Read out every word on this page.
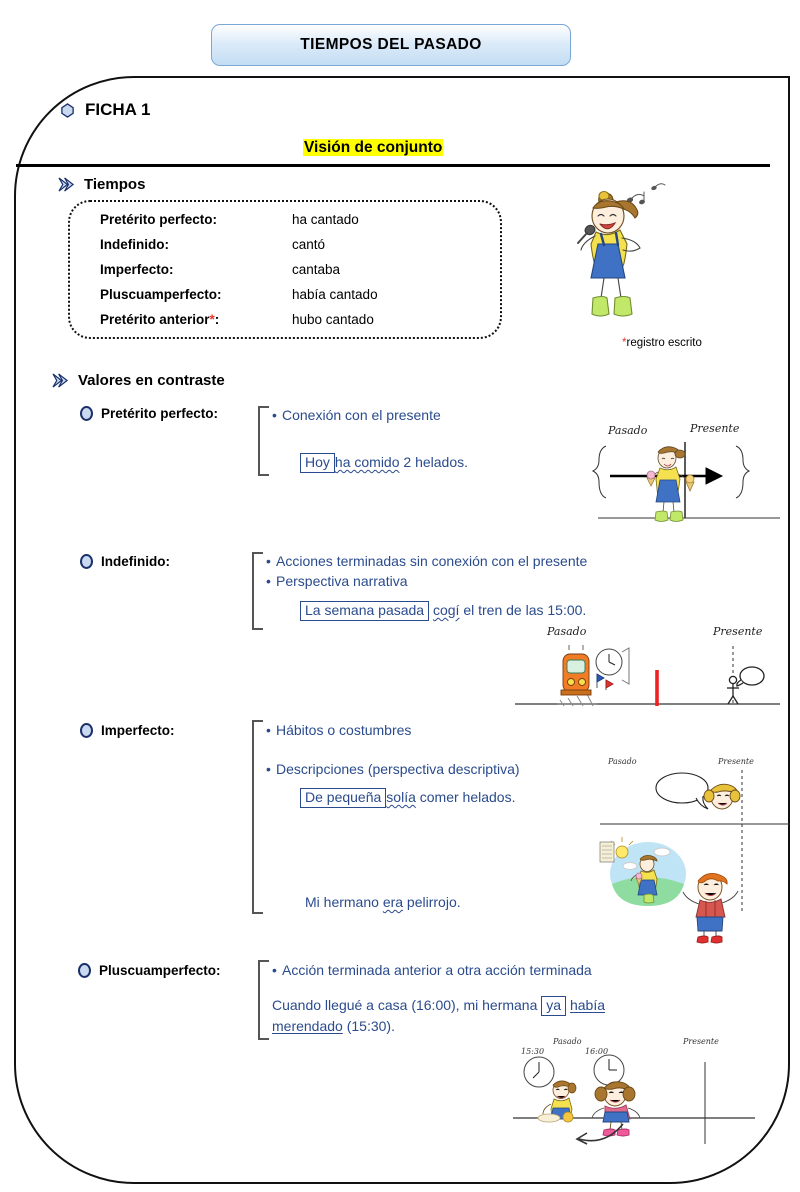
TIEMPOS DEL PASADO
FICHA 1
Visión de conjunto
Tiempos
Pretérito perfecto:	ha cantado
Indefinido:	cantó
Imperfecto:	cantaba
Pluscuamperfecto:	había cantado
Pretérito anterior*:	hubo cantado
*registro escrito
Valores en contraste
Pretérito perfecto:	• Conexión con el presente
Hoy ha comido 2 helados.
Pasado	Presente
Indefinido:	• Acciones terminadas sin conexión con el presente
• Perspectiva narrativa
La semana pasada cogí el tren de las 15:00.
Pasado	Presente
Imperfecto:	• Hábitos o costumbres
• Descripciones (perspectiva descriptiva)
De pequeña solía comer helados.
Mi hermano era pelirrojo.
Pasado	Presente
Pluscuamperfecto:	• Acción terminada anterior a otra acción terminada
Cuando llegué a casa (16:00), mi hermana ya había
merendado (15:30).
Pasado	Presente
15:30	16:00
